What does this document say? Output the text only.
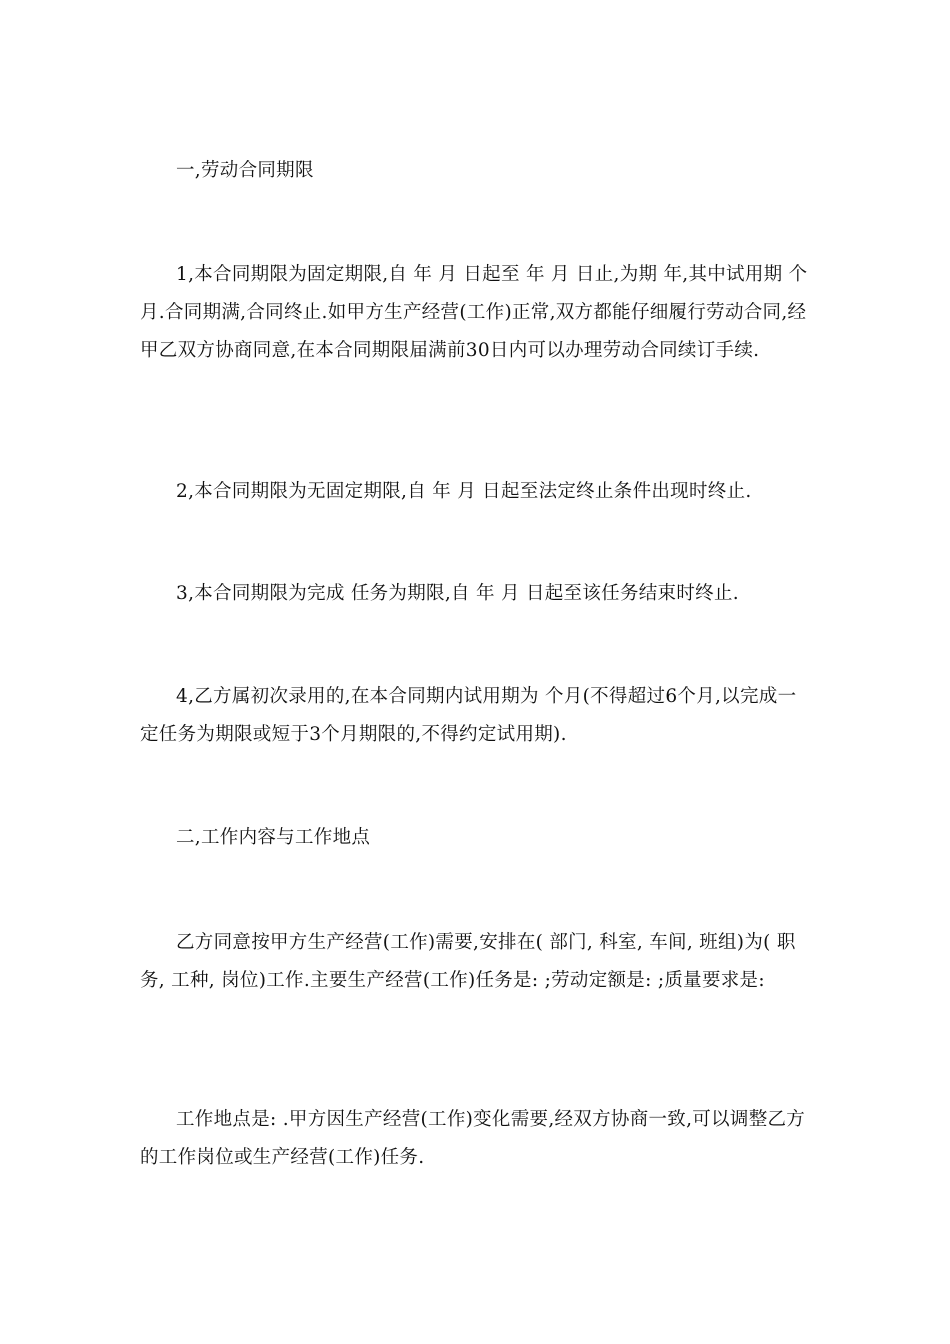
一,劳动合同期限

1,本合同期限为固定期限,自 年 月 日起至 年 月 日止,为期 年,其中试用期 个月.合同期满,合同终止.如甲方生产经营(工作)正常,双方都能仔细履行劳动合同,经甲乙双方协商同意,在本合同期限届满前30日内可以办理劳动合同续订手续.

2,本合同期限为无固定期限,自 年 月 日起至法定终止条件出现时终止.

3,本合同期限为完成 任务为期限,自 年 月 日起至该任务结束时终止.

4,乙方属初次录用的,在本合同期内试用期为 个月(不得超过6个月,以完成一定任务为期限或短于3个月期限的,不得约定试用期).

二,工作内容与工作地点

乙方同意按甲方生产经营(工作)需要,安排在( 部门, 科室, 车间, 班组)为( 职务, 工种, 岗位)工作.主要生产经营(工作)任务是: ;劳动定额是: ;质量要求是:

工作地点是: .甲方因生产经营(工作)变化需要,经双方协商一致,可以调整乙方的工作岗位或生产经营(工作)任务.
